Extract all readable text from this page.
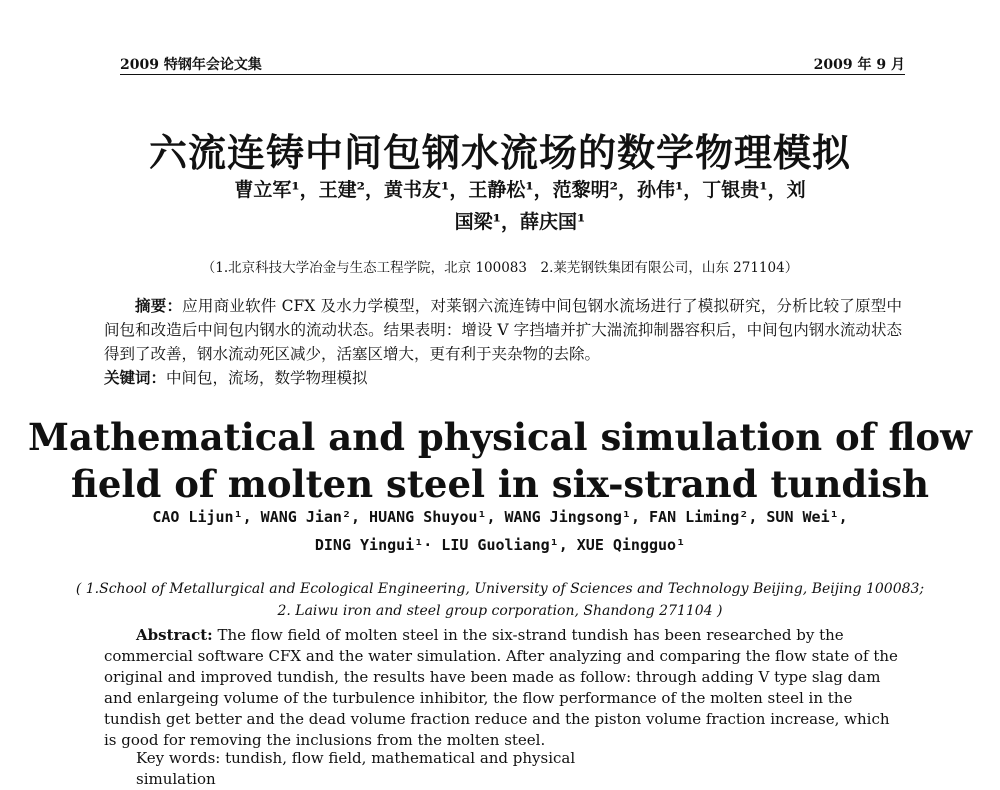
2009 特钢年会论文集	2009 年 9 月
六流连铸中间包钢水流场的数学物理模拟
曹立军¹，王建²，黄书友¹，王静松¹，范黎明²，孙伟¹，丁银贵¹，刘
国梁¹，薛庆国¹
（1.北京科技大学冶金与生态工程学院，北京 100083　2.莱芜钢铁集团有限公司，山东 271104）
摘要：应用商业软件 CFX 及水力学模型，对莱钢六流连铸中间包钢水流场进行了模拟研究，分析比较了原型中间包和改造后中间包内钢水的流动状态。结果表明：增设 V 字挡墙并扩大湍流抑制器容积后，中间包内钢水流动状态得到了改善，钢水流动死区减少，活塞区增大，更有利于夹杂物的去除。
关键词：中间包，流场，数学物理模拟
Mathematical and physical simulation of flow
field of molten steel in six-strand tundish
CAO Lijun¹, WANG Jian², HUANG Shuyou¹, WANG Jingsong¹, FAN Liming², SUN Wei¹,
DING Yingui¹· LIU Guoliang¹, XUE Qingguo¹
( 1.School of Metallurgical and Ecological Engineering, University of Sciences and Technology Beijing, Beijing 100083;
2. Laiwu iron and steel group corporation, Shandong 271104 )
Abstract: The flow field of molten steel in the six-strand tundish has been researched by the commercial software CFX and the water simulation. After analyzing and comparing the flow state of the original and improved tundish, the results have been made as follow: through adding V type slag dam and enlargeing volume of the turbulence inhibitor, the flow performance of the molten steel in the tundish get better and the dead volume fraction reduce and the piston volume fraction increase, which is good for removing the inclusions from the molten steel.
Key words: tundish, flow field, mathematical and physical simulation
